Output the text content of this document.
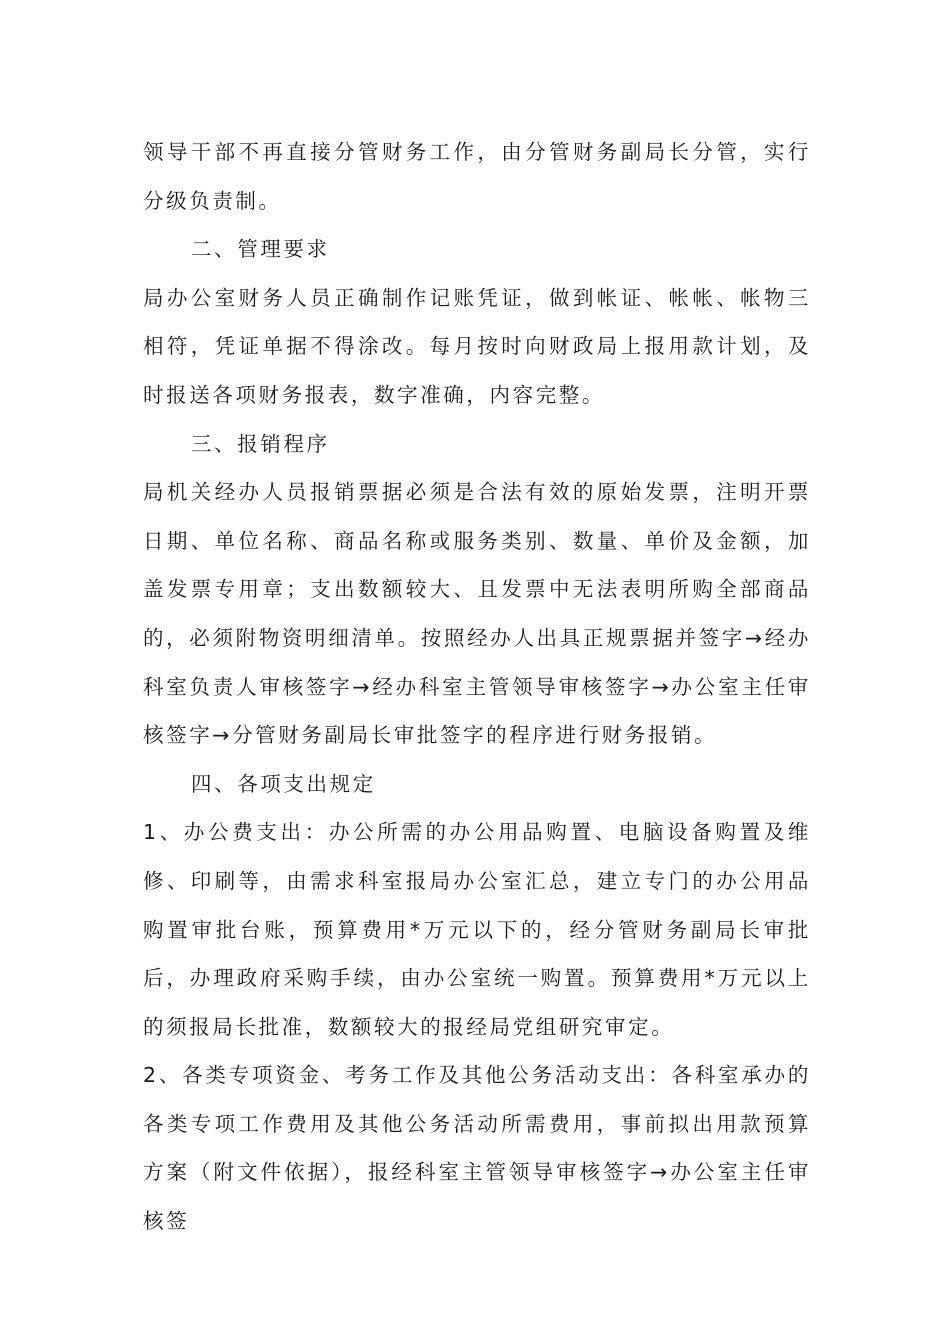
领导干部不再直接分管财务工作，由分管财务副局长分管，实行分级负责制。

二、管理要求

局办公室财务人员正确制作记账凭证，做到帐证、帐帐、帐物三相符，凭证单据不得涂改。每月按时向财政局上报用款计划，及时报送各项财务报表，数字准确，内容完整。

三、报销程序

局机关经办人员报销票据必须是合法有效的原始发票，注明开票日期、单位名称、商品名称或服务类别、数量、单价及金额，加盖发票专用章；支出数额较大、且发票中无法表明所购全部商品的，必须附物资明细清单。按照经办人出具正规票据并签字→经办科室负责人审核签字→经办科室主管领导审核签字→办公室主任审核签字→分管财务副局长审批签字的程序进行财务报销。

四、各项支出规定

1、办公费支出：办公所需的办公用品购置、电脑设备购置及维修、印刷等，由需求科室报局办公室汇总，建立专门的办公用品购置审批台账，预算费用*万元以下的，经分管财务副局长审批后，办理政府采购手续，由办公室统一购置。预算费用*万元以上的须报局长批准，数额较大的报经局党组研究审定。

2、各类专项资金、考务工作及其他公务活动支出：各科室承办的各类专项工作费用及其他公务活动所需费用，事前拟出用款预算方案（附文件依据），报经科室主管领导审核签字→办公室主任审核签
